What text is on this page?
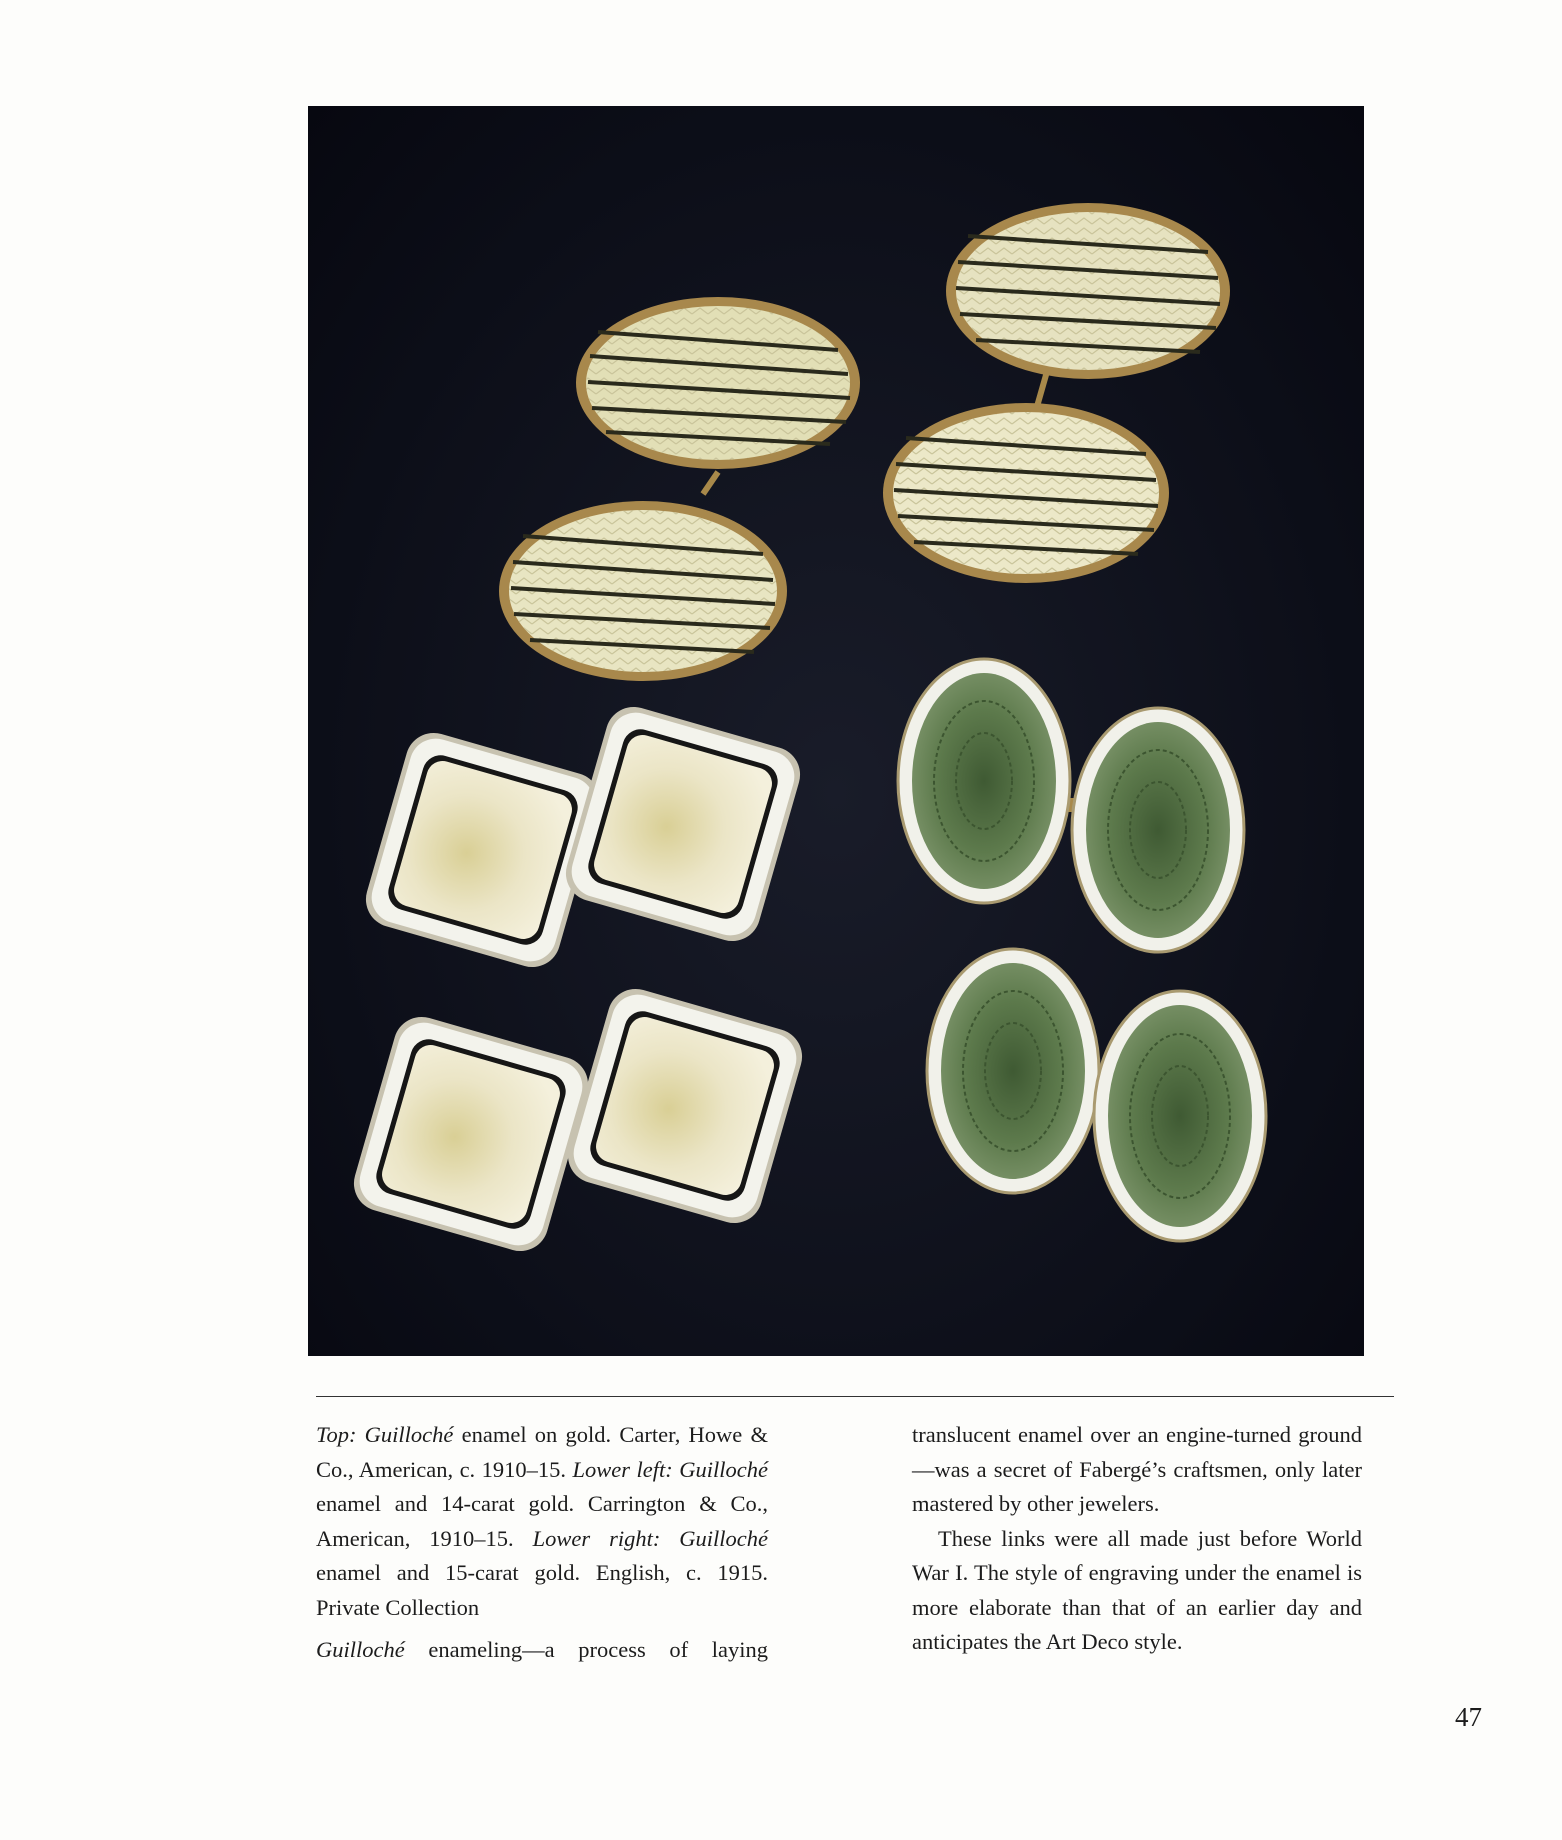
Top: Guilloché enamel on gold. Carter, Howe & Co., American, c. 1910–15. Lower left: Guilloché enamel and 14-carat gold. Carrington & Co., American, 1910–15. Lower right: Guilloché enamel and 15-carat gold. English, c. 1915. Private Collection

Guilloché enameling—a process of laying

translucent enamel over an engine-turned ground—was a secret of Fabergé’s craftsmen, only later mastered by other jewelers.

These links were all made just before World War I. The style of engraving under the enamel is more elaborate than that of an earlier day and anticipates the Art Deco style.

47
